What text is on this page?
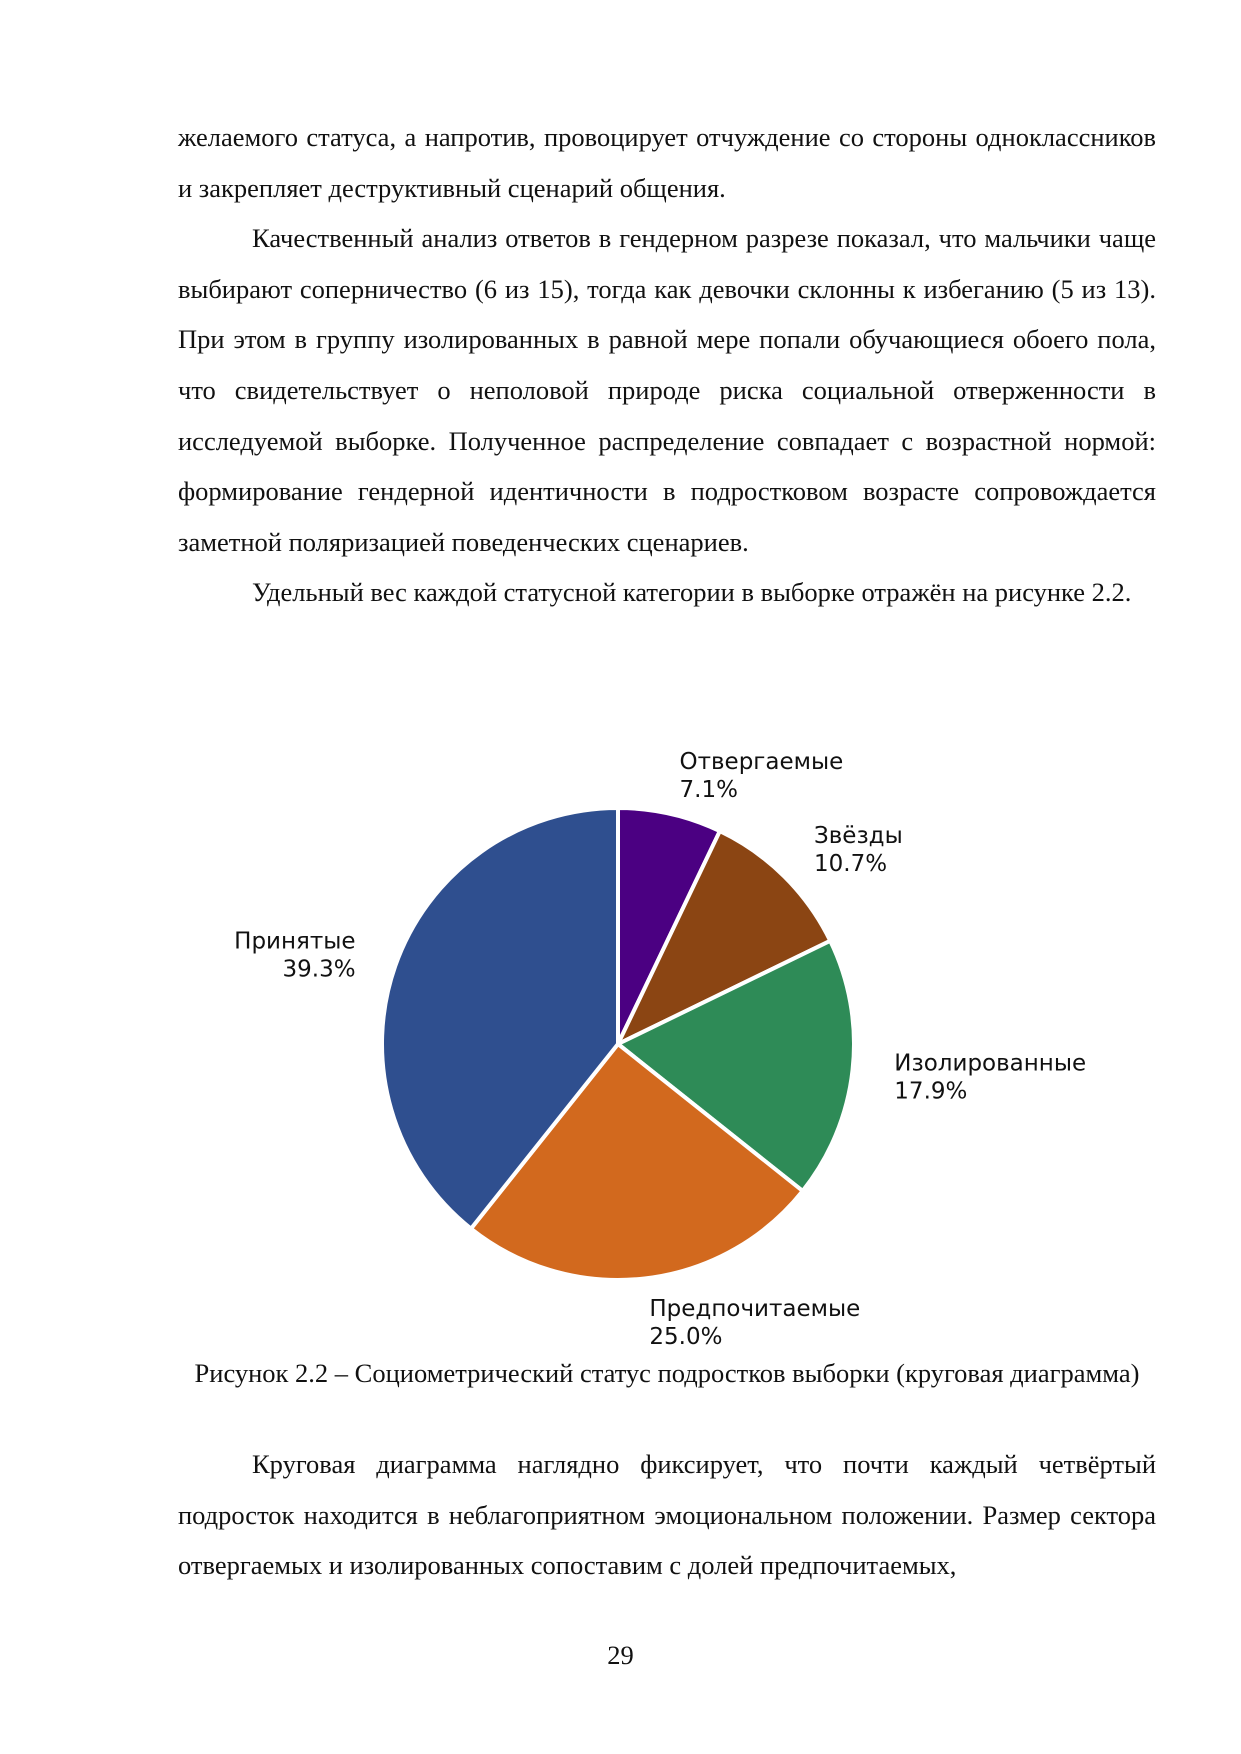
желаемого статуса, а напротив, провоцирует отчуждение со стороны одноклассников и закрепляет деструктивный сценарий общения.

Качественный анализ ответов в гендерном разрезе показал, что мальчики чаще выбирают соперничество (6 из 15), тогда как девочки склонны к избеганию (5 из 13). При этом в группу изолированных в равной мере попали обучающиеся обоего пола, что свидетельствует о неполовой природе риска социальной отверженности в исследуемой выборке. Полученное распределение совпадает с возрастной нормой: формирование гендерной идентичности в подростковом возрасте сопровождается заметной поляризацией поведенческих сценариев.

Удельный вес каждой статусной категории в выборке отражён на рисунке 2.2.

Отвергаемые
7.1%
Звёзды
10.7%
Изолированные
17.9%
Предпочитаемые
25.0%
Принятые
39.3%
Рисунок 2.2 – Социометрический статус подростков выборки (круговая диаграмма)

Круговая диаграмма наглядно фиксирует, что почти каждый четвёртый подросток находится в неблагоприятном эмоциональном положении. Размер сектора отвергаемых и изолированных сопоставим с долей предпочитаемых,

29
